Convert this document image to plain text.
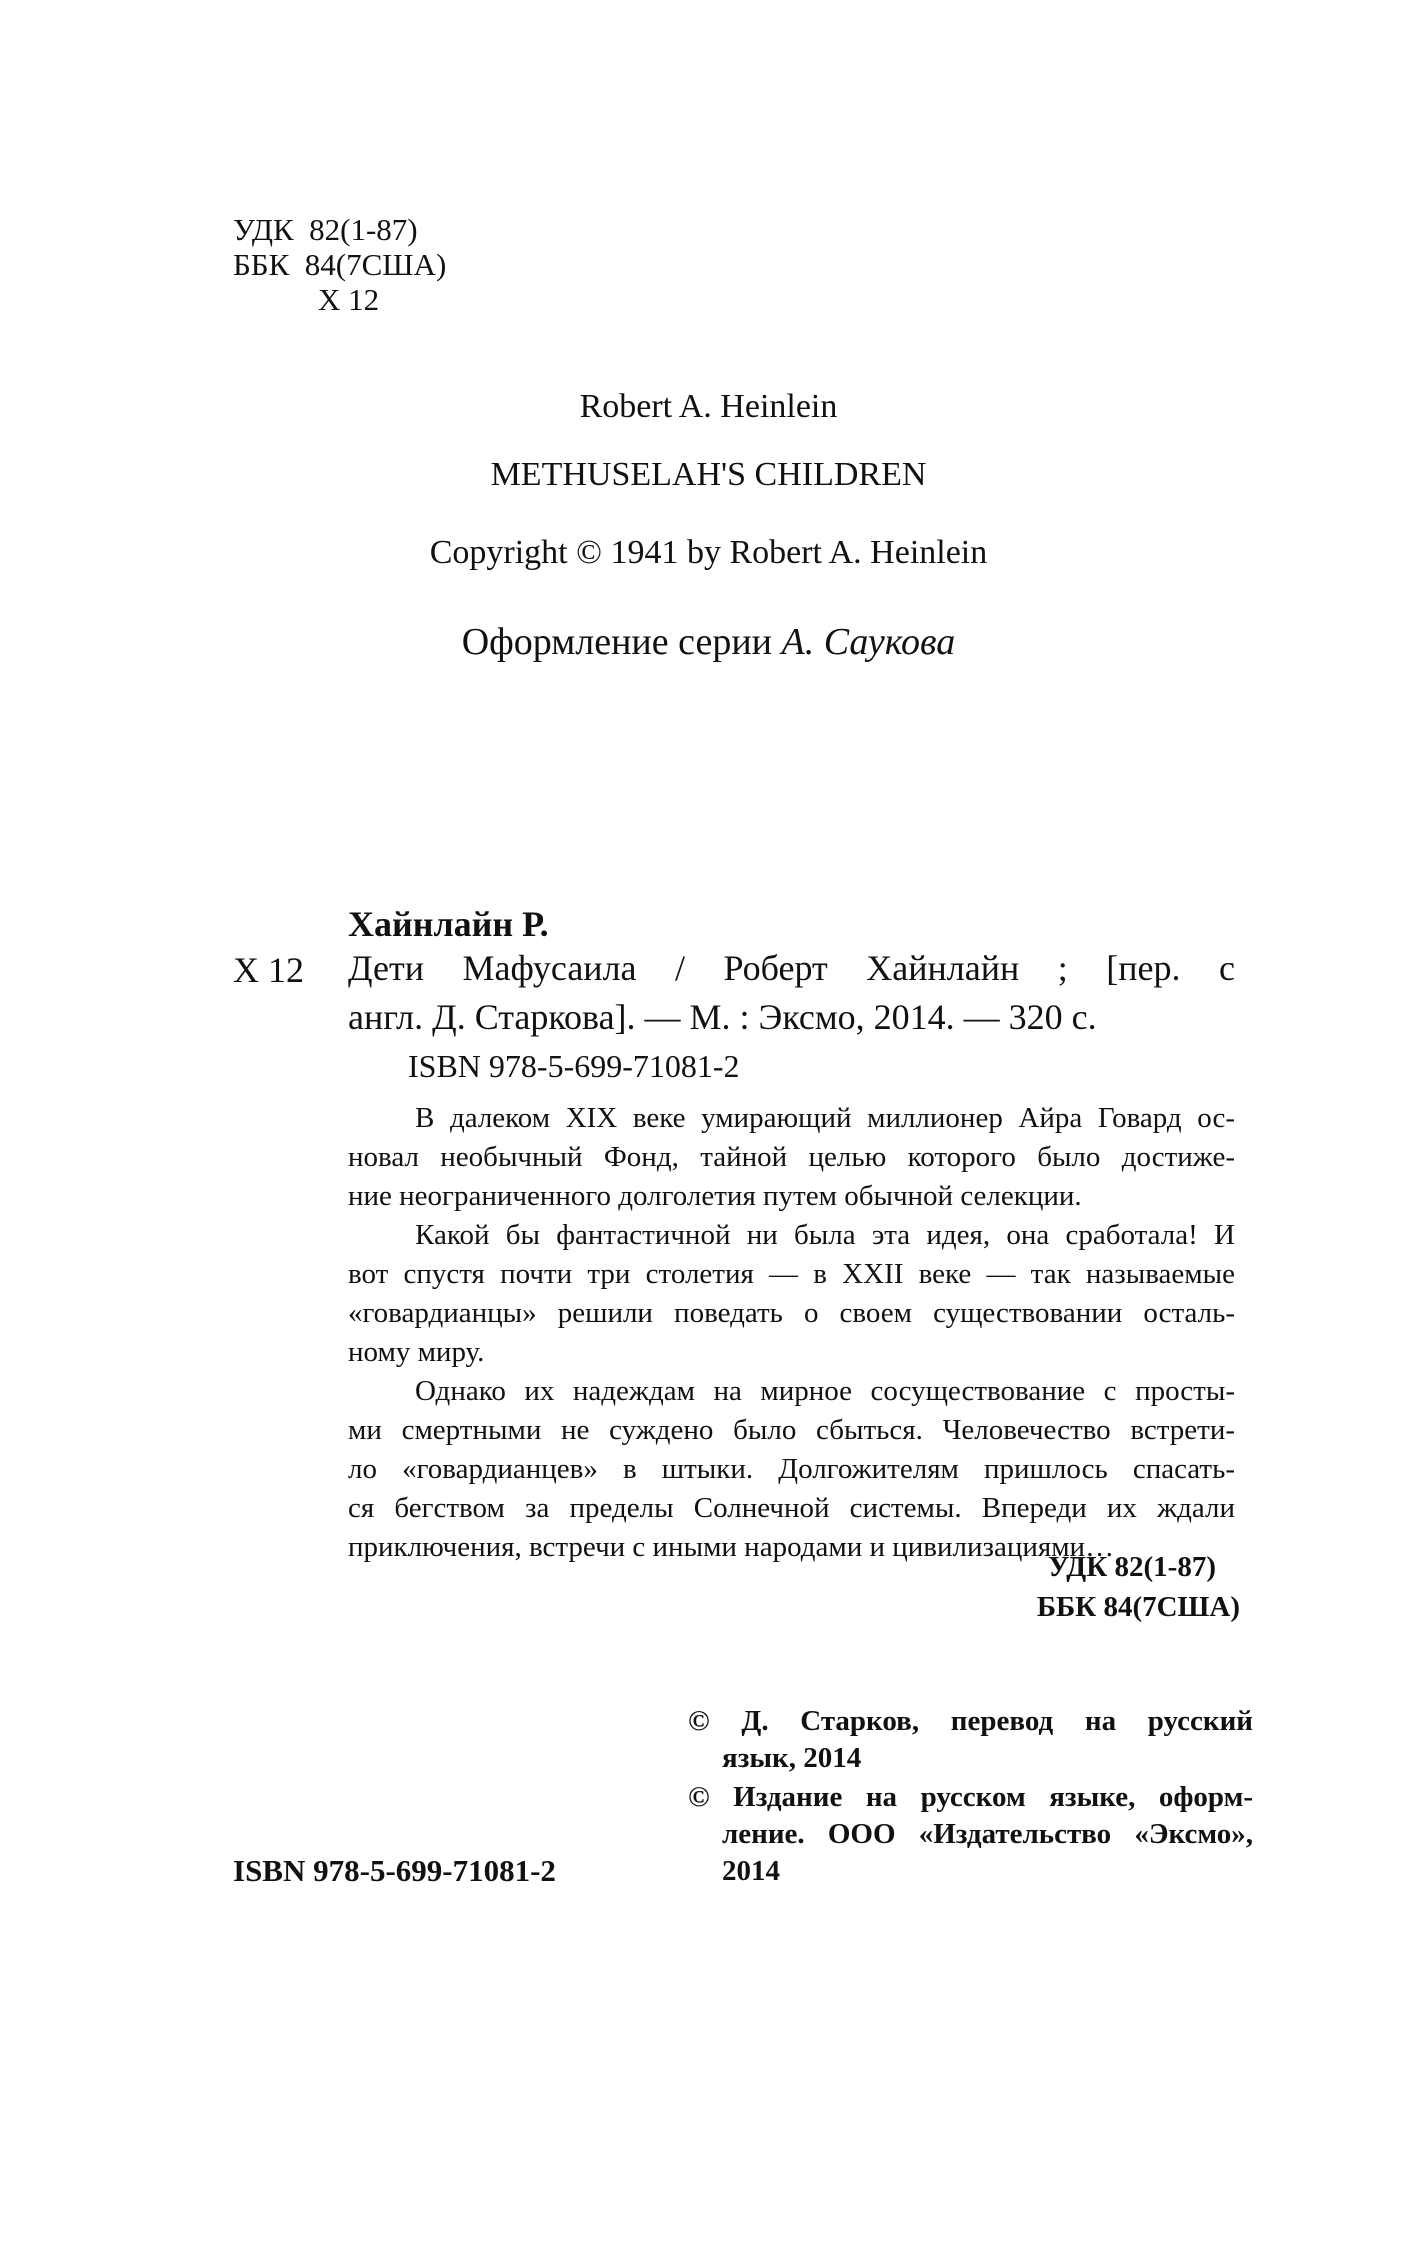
УДК 82(1-87)
ББК 84(7США)
Х 12
Robert A. Heinlein
METHUSELAH'S CHILDREN
Copyright © 1941 by Robert A. Heinlein
Оформление серии А. Саукова
Хайнлайн Р.
Х 12 Дети Мафусаила / Роберт Хайнлайн ; [пер. с
англ. Д. Старкова]. — М. : Эксмо, 2014. — 320 с.
ISBN 978-5-699-71081-2
В далеком XIX веке умирающий миллионер Айра Говард ос-
новал необычный Фонд, тайной целью которого было достиже-
ние неограниченного долголетия путем обычной селекции.
Какой бы фантастичной ни была эта идея, она сработала! И
вот спустя почти три столетия — в XXII веке — так называемые
«говардианцы» решили поведать о своем существовании осталь-
ному миру.
Однако их надеждам на мирное сосуществование с просты-
ми смертными не суждено было сбыться. Человечество встрети-
ло «говардианцев» в штыки. Долгожителям пришлось спасать-
ся бегством за пределы Солнечной системы. Впереди их ждали
приключения, встречи с иными народами и цивилизациями…
УДК 82(1-87)
ББК 84(7США)
© Д. Старков, перевод на русский
язык, 2014
© Издание на русском языке, оформ-
ление. ООО «Издательство «Эксмо»,
2014
ISBN 978-5-699-71081-2
